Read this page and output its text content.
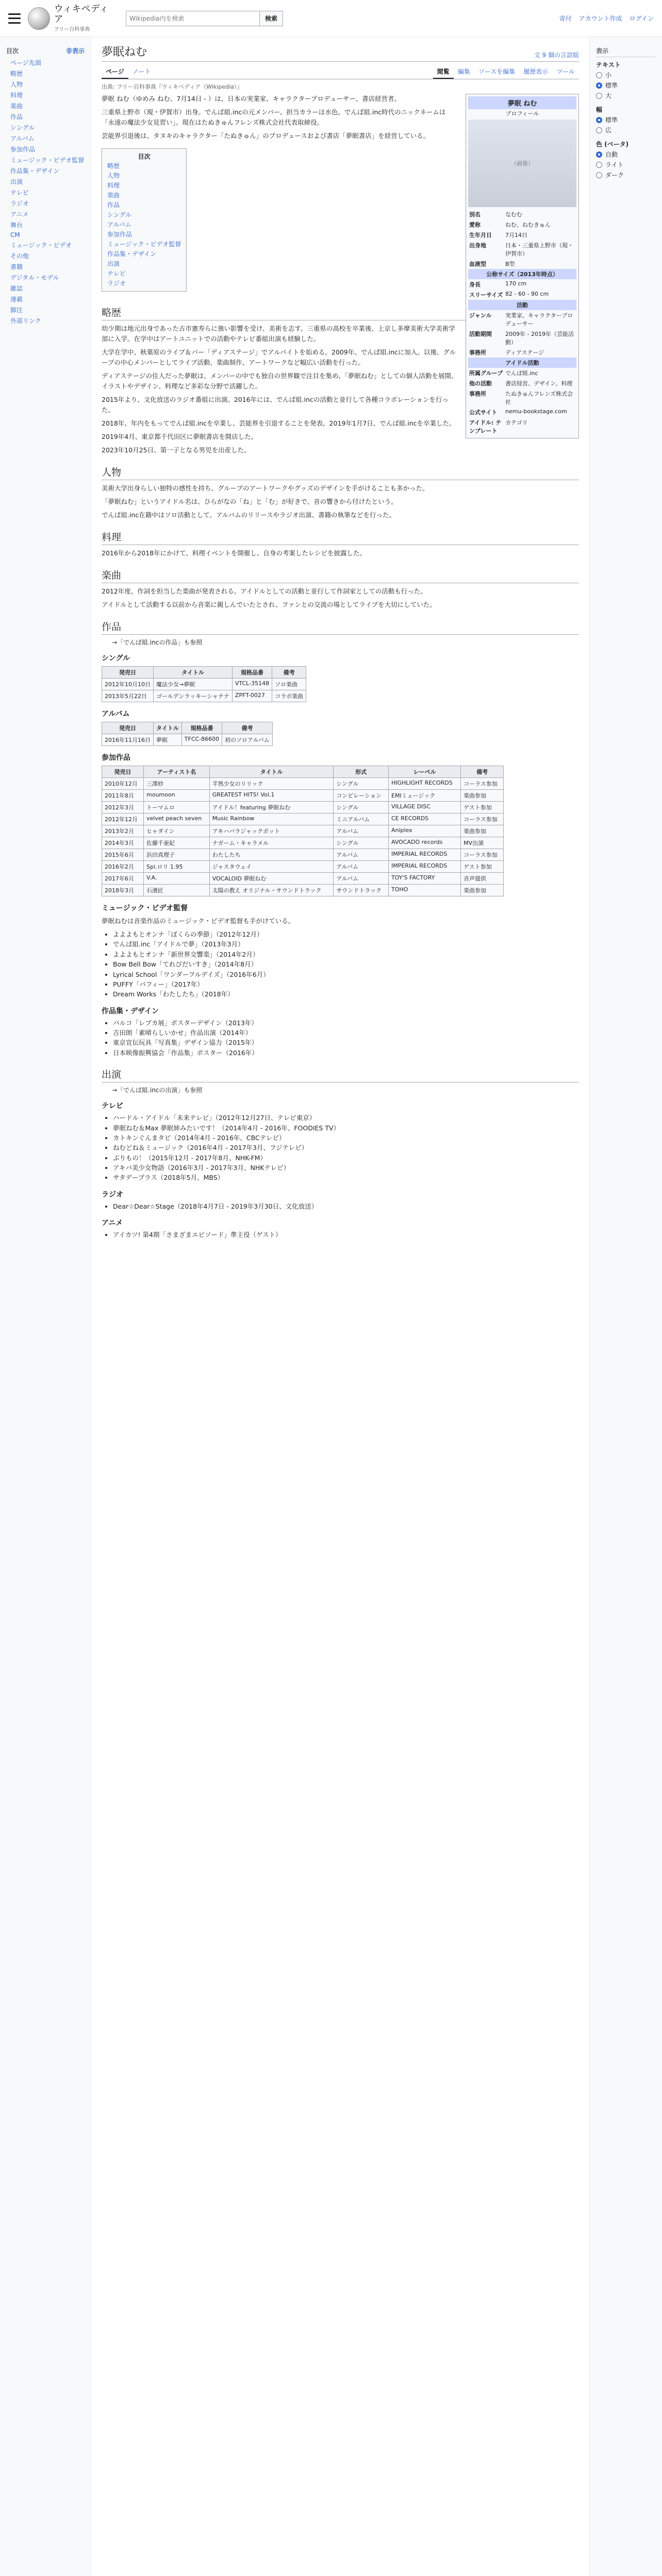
ウィキペディア
フリー百科事典
Wikipedia内を検索	検索	寄付 アカウント作成 ログイン
目次	非表示
ページ先頭
略歴
人物
料理
楽曲
作品
シングル
アルバム
参加作品
ミュージック・ビデオ監督
作品集・デザイン
出演
テレビ
ラジオ
アニメ
舞台
CM
ミュージック・ビデオ
その他
書籍
デジタル・モデル
雑誌
連載
脚注
外部リンク
表示
テキスト
小
標準
大
幅
標準
広
色 (ベータ)
自動
ライト
ダーク
夢眠ねむ	文 9 個の言語版
ページ	ノート	閲覧	編集	ソースを編集	履歴表示	ツール
出典: フリー百科事典『ウィキペディア（Wikipedia）』
夢眠 ねむ
プロフィール
（画像）
別名	なむむ
愛称	ねむ、ねむきゅん
生年月日	7月14日
出身地	日本・三重県上野市（現・伊賀市）
血液型	B型
公称サイズ（2013年時点）	
身長	170 cm
スリーサイズ	82 - 60 - 90 cm
活動	
ジャンル	実業家、キャラクタープロデューサー
活動期間	2009年 - 2019年（芸能活動）
事務所	ディアステージ
アイドル活動	
所属グループ	でんぱ組.inc
他の活動	書店経営、デザイン、料理
事務所	たぬきゅんフレンズ株式会社
公式サイト	nemu-bookstage.com
アイドル: テンプレート	カテゴリ

夢眠 ねむ（ゆめみ ねむ、7月14日 - ）は、日本の実業家、キャラクタープロデューサー、書店経営者。

三重県上野市（現・伊賀市）出身。でんぱ組.incの元メンバー。担当カラーは水色。でんぱ組.inc時代のニックネームは「永遠の魔法少女見習い」。現在はたぬきゅんフレンズ株式会社代表取締役。

芸能界引退後は、タヌキのキャラクター「たぬきゅん」のプロデュースおよび書店「夢眠書店」を経営している。

目次
略歴
人物
料理
楽曲
作品
シングル
アルバム
参加作品
ミュージック・ビデオ監督
作品集・デザイン
出演
テレビ
ラジオ
略歴

幼少期は地元出身であった古市憲寿らに強い影響を受け、美術を志す。三重県の高校を卒業後、上京し多摩美術大学美術学部に入学。在学中はアートユニットでの活動やテレビ番組出演も経験した。

大学在学中、秋葉原のライブ＆バー「ディアステージ」でアルバイトを始める。2009年、でんぱ組.incに加入。以後、グループの中心メンバーとしてライブ活動、楽曲制作、アートワークなど幅広い活動を行った。

ディアステージの住人だった夢眠は、メンバーの中でも独自の世界観で注目を集め、「夢眠ねむ」としての個人活動を展開。イラストやデザイン、料理など多彩な分野で活躍した。

2015年より、文化放送のラジオ番組に出演。2016年には、でんぱ組.incの活動と並行して各種コラボレーションを行った。

2018年、年内をもってでんぱ組.incを卒業し、芸能界を引退することを発表。2019年1月7日、でんぱ組.incを卒業した。

2019年4月、東京都千代田区に夢眠書店を開店した。

2023年10月25日、第一子となる男児を出産した。

人物

美術大学出身らしい独特の感性を持ち、グループのアートワークやグッズのデザインを手がけることも多かった。

「夢眠ねむ」というアイドル名は、ひらがなの「ね」と「む」が好きで、音の響きから付けたという。

でんぱ組.inc在籍中はソロ活動として、アルバムのリリースやラジオ出演、書籍の執筆などを行った。

料理

2016年から2018年にかけて、料理イベントを開催し、自身の考案したレシピを披露した。

楽曲

2012年度、作詞を担当した楽曲が発表される。アイドルとしての活動と並行して作詞家としての活動も行った。

アイドルとして活動する以前から音楽に親しんでいたとされ、ファンとの交流の場としてライブを大切にしていた。

作品
→「でんぱ組.incの作品」も参照
シングル
発売日	タイトル	規格品番	備考
2012年10月10日	魔法少女→夢眠	VTCL-35148	ソロ楽曲
2013年5月22日	ゴールデンラッキーシャナナ	ZPFT-0027	コラボ楽曲
アルバム
発売日	タイトル	規格品番	備考
2016年11月16日	夢眠	TFCC-86600	初のソロアルバム
参加作品
発売日	アーティスト名	タイトル	形式	レーベル	備考
2010年12月	三澤紗	半熟少女のリリック	シングル	HIGHLIGHT RECORDS	コーラス参加
2011年8月	moumoon	GREATEST HITS! Vol.1	コンピレーション	EMIミュージック	楽曲参加
2012年3月	トーマムロ	アイドル！featuring 夢眠ねむ	シングル	VILLAGE DISC	ゲスト参加
2012年12月	velvet peach seven	Music Rainbow	ミニアルバム	CE RECORDS	コーラス参加
2013年2月	ヒャダイン	アキハバラジャックポット	アルバム	Aniplex	楽曲参加
2014年3月	佐藤千亜妃	ナガーム・キャラメル	シングル	AVOCADO records	MV出演
2015年6月	浜田真理子	わたしたち	アルバム	IMPERIAL RECORDS	コーラス参加
2016年2月	Spi.ロリ 1.95	ジャスタウェイ	アルバム	IMPERIAL RECORDS	ゲスト参加
2017年6月	V.A.	VOCALOID 夢眠ねむ	アルバム	TOY'S FACTORY	音声提供
2018年3月	石濱匠	太陽の教え オリジナル・サウンドトラック	サウンドトラック	TOHO	楽曲参加
ミュージック・ビデオ監督

夢眠ねむは音楽作品のミュージック・ビデオ監督も手がけている。

• よよよもとオンナ「ぼくらの季節」（2012年12月）
• でんぱ組.inc「アイドルで夢」（2013年3月）
• よよよもとオンナ「新世界交響楽」（2014年2月）
• Bow Bell Bow「てれびだいすき」（2014年8月）
• Lyrical School「ワンダーフルデイズ」（2016年6月）
• PUFFY「パフィー」（2017年）
• Dream Works「わたしたち」（2018年）
作品集・デザイン
• パルコ「レプカ展」ポスターデザイン（2013年）
• 吉田朗「素晴らしいかせ」作品出演（2014年）
• 東京宣伝玩具「写真集」デザイン協力（2015年）
• 日本映像振興協会「作品集」ポスター（2016年）
出演
→「でんぱ組.incの出演」も参照
テレビ
• ハードル・アイドル「未来テレビ」（2012年12月27日、テレビ東京）
• 夢眠ねむ＆Max 夢眠姉みたいです！（2014年4月 - 2016年、FOODIES TV）
• カトキンぐんまタビ（2014年4月 - 2016年、CBCテレビ）
• ねむどね＆ミュージック（2016年4月 - 2017年3月、フジテレビ）
• ぶりもの！（2015年12月 - 2017年8月、NHK-FM）
• アキバ美少女物語（2016年3月 - 2017年3月、NHKテレビ）
• サタデープラス（2018年5月、MBS）
ラジオ
• Dear☆Dear☆Stage（2018年4月7日 - 2019年3月30日、文化放送）
アニメ
• アイカツ! 第4期「さまざまエピソード」準主役（ゲスト）
